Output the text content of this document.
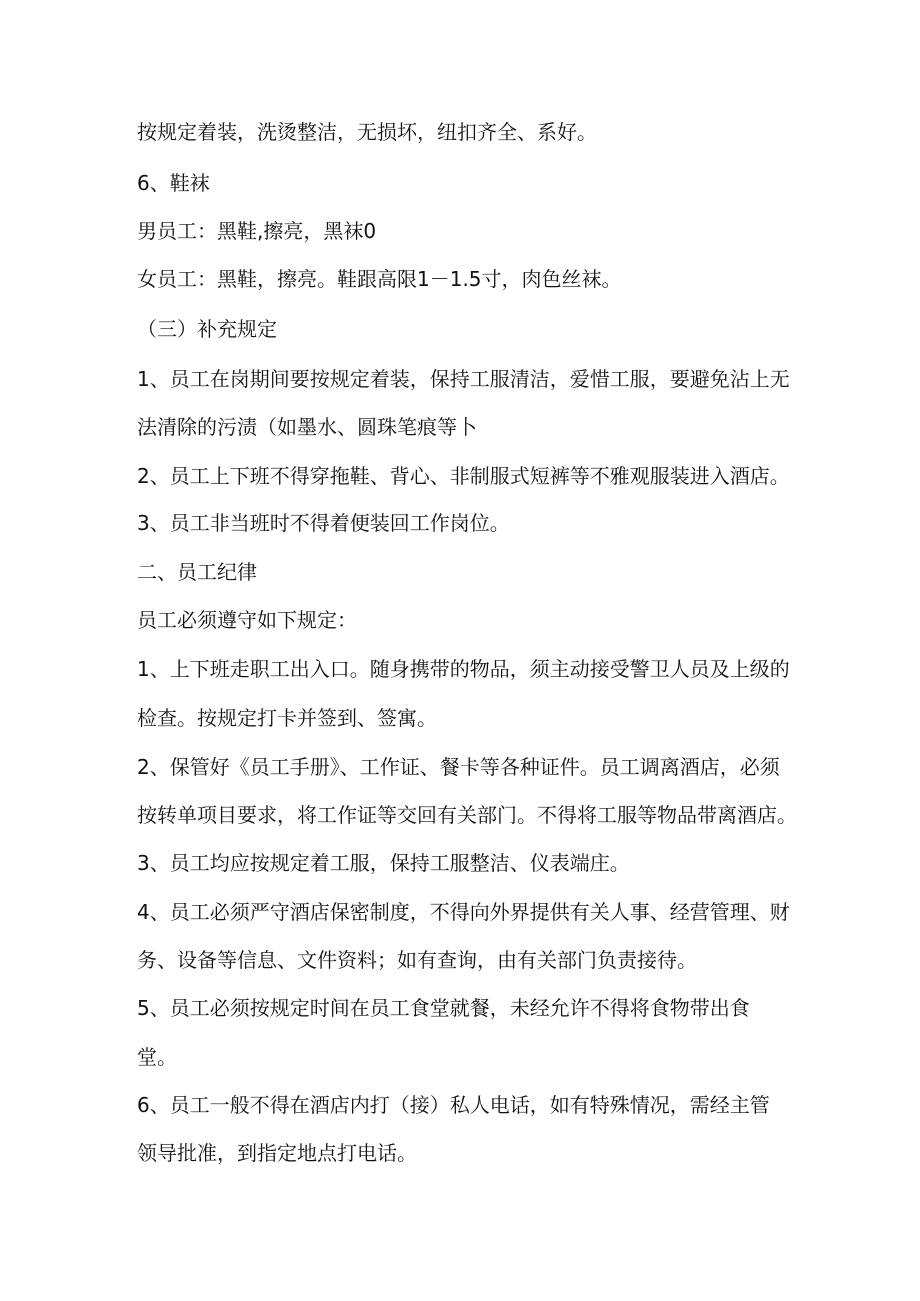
按规定着装，洗烫整洁，无损坏，纽扣齐全、系好。

6、鞋袜

男员工：黑鞋,擦亮，黑袜0

女员工：黑鞋，擦亮。鞋跟高限1－1.5寸，肉色丝袜。

（三）补充规定

1、员工在岗期间要按规定着装，保持工服清洁，爱惜工服，要避免沾上无

法清除的污渍（如墨水、圆珠笔痕等卜

2、员工上下班不得穿拖鞋、背心、非制服式短裤等不雅观服装进入酒店。

3、员工非当班时不得着便装回工作岗位。

二、员工纪律

员工必须遵守如下规定：

1、上下班走职工出入口。随身携带的物品，须主动接受警卫人员及上级的

检查。按规定打卡并签到、签寓。

2、保管好《员工手册》、工作证、餐卡等各种证件。员工调离酒店，必须

按转单项目要求，将工作证等交回有关部门。不得将工服等物品带离酒店。

3、员工均应按规定着工服，保持工服整洁、仪表端庄。

4、员工必须严守酒店保密制度，不得向外界提供有关人事、经营管理、财

务、设备等信息、文件资料；如有查询，由有关部门负责接待。

5、员工必须按规定时间在员工食堂就餐，未经允许不得将食物带出食

堂。

6、员工一般不得在酒店内打（接）私人电话，如有特殊情况，需经主管

领导批准，到指定地点打电话。
